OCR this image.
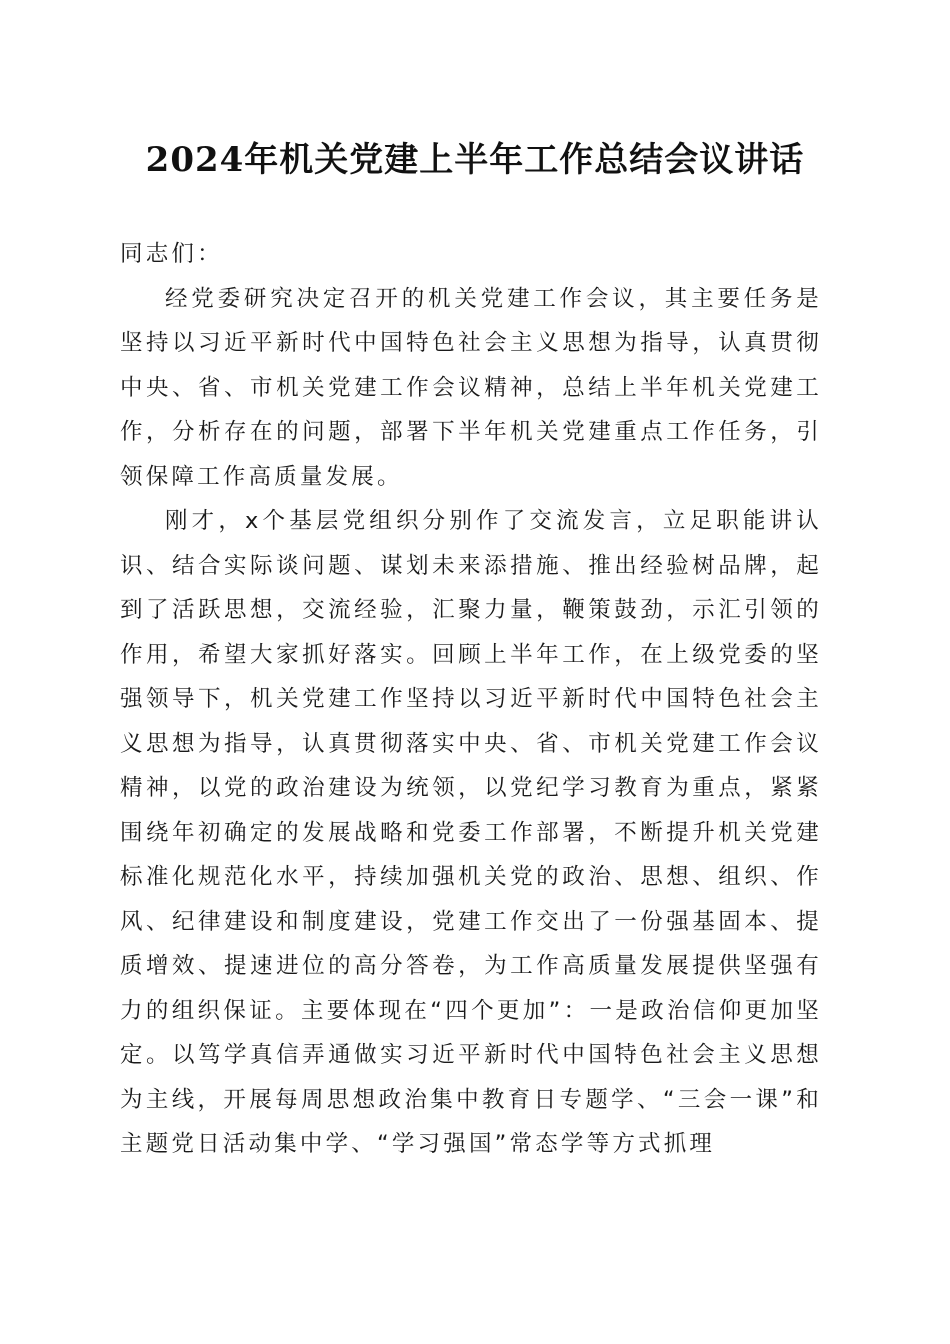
2024年机关党建上半年工作总结会议讲话

同志们：

经党委研究决定召开的机关党建工作会议，其主要任务是坚持以习近平新时代中国特色社会主义思想为指导，认真贯彻中央、省、市机关党建工作会议精神，总结上半年机关党建工作，分析存在的问题，部署下半年机关党建重点工作任务，引领保障工作高质量发展。

刚才，x个基层党组织分别作了交流发言，立足职能讲认识、结合实际谈问题、谋划未来添措施、推出经验树品牌，起到了活跃思想，交流经验，汇聚力量，鞭策鼓劲，示汇引领的作用，希望大家抓好落实。回顾上半年工作，在上级党委的坚强领导下，机关党建工作坚持以习近平新时代中国特色社会主义思想为指导，认真贯彻落实中央、省、市机关党建工作会议精神，以党的政治建设为统领，以党纪学习教育为重点，紧紧围绕年初确定的发展战略和党委工作部署，不断提升机关党建标准化规范化水平，持续加强机关党的政治、思想、组织、作风、纪律建设和制度建设，党建工作交出了一份强基固本、提质增效、提速进位的高分答卷，为工作高质量发展提供坚强有力的组织保证。主要体现在“四个更加”：一是政治信仰更加坚定。以笃学真信弄通做实习近平新时代中国特色社会主义思想为主线，开展每周思想政治集中教育日专题学、“三会一课”和主题党日活动集中学、“学习强国”常态学等方式抓理
